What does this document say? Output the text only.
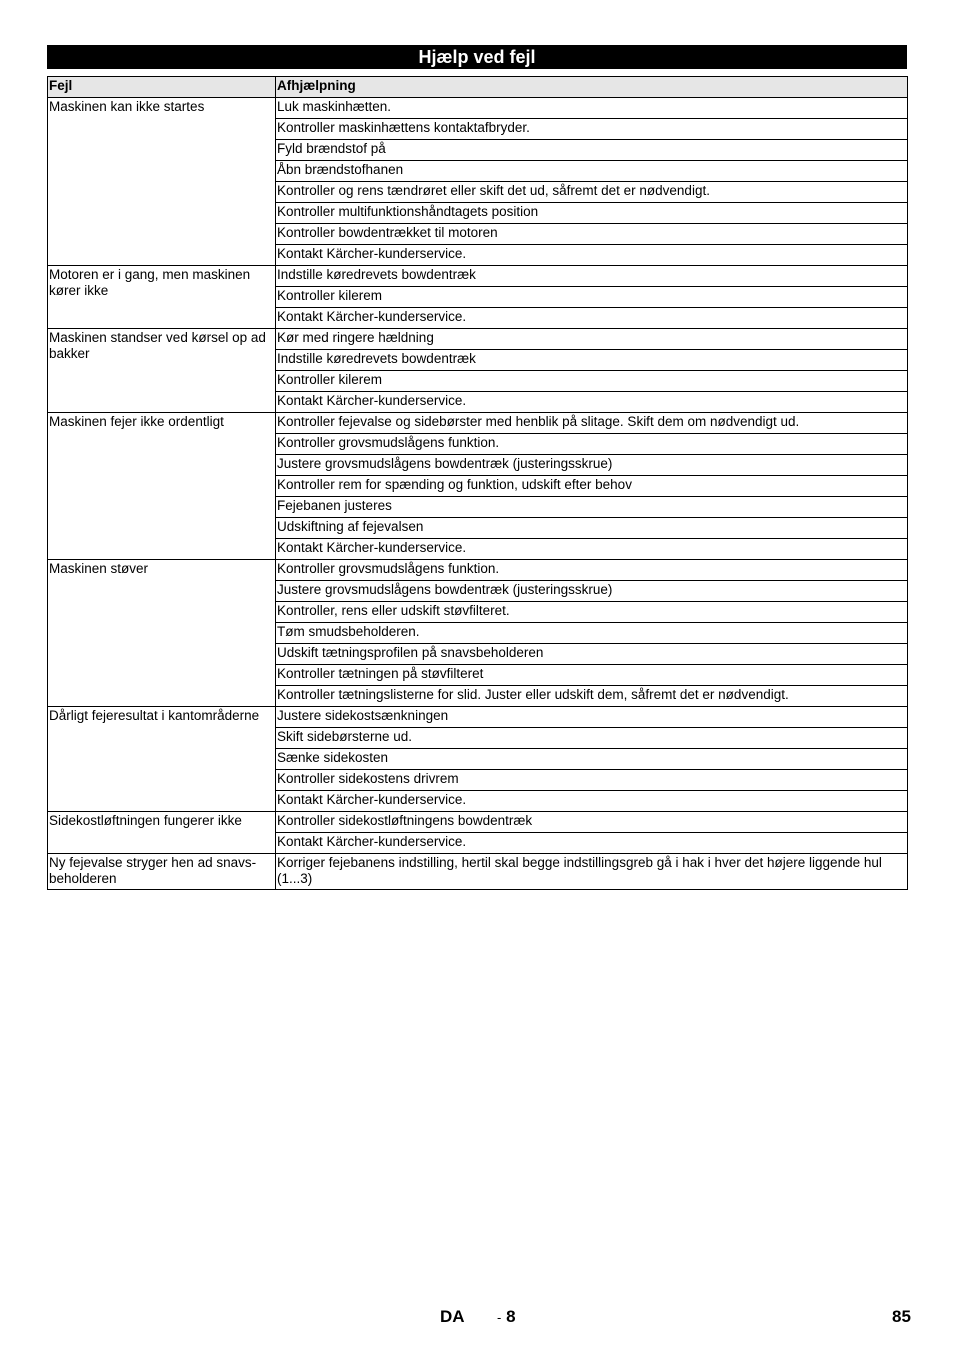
Hjælp ved fejl
Fejl	Afhjælpning
Maskinen kan ikke startes	Luk maskinhætten.
	Kontroller maskinhættens kontaktafbryder.
	Fyld brændstof på
	Åbn brændstofhanen
	Kontroller og rens tændrøret eller skift det ud, såfremt det er nødvendigt.
	Kontroller multifunktionshåndtagets position
	Kontroller bowdentrækket til motoren
	Kontakt Kärcher-kunderservice.
Motoren er i gang, men maskinen kører ikke	Indstille køredrevets bowdentræk
	Kontroller kilerem
	Kontakt Kärcher-kunderservice.
Maskinen standser ved kørsel op ad bakker	Kør med ringere hældning
	Indstille køredrevets bowdentræk
	Kontroller kilerem
	Kontakt Kärcher-kunderservice.
Maskinen fejer ikke ordentligt	Kontroller fejevalse og sidebørster med henblik på slitage. Skift dem om nødvendigt ud.
	Kontroller grovsmudslågens funktion.
	Justere grovsmudslågens bowdentræk (justeringsskrue)
	Kontroller rem for spænding og funktion, udskift efter behov
	Fejebanen justeres
	Udskiftning af fejevalsen
	Kontakt Kärcher-kunderservice.
Maskinen støver	Kontroller grovsmudslågens funktion.
	Justere grovsmudslågens bowdentræk (justeringsskrue)
	Kontroller, rens eller udskift støvfilteret.
	Tøm smudsbeholderen.
	Udskift tætningsprofilen på snavsbeholderen
	Kontroller tætningen på støvfilteret
	Kontroller tætningslisterne for slid. Juster eller udskift dem, såfremt det er nødvendigt.
Dårligt fejeresultat i kantområderne	Justere sidekostsænkningen
	Skift sidebørsterne ud.
	Sænke sidekosten
	Kontroller sidekostens drivrem
	Kontakt Kärcher-kunderservice.
Sidekostløftningen fungerer ikke	Kontroller sidekostløftningens bowdentræk
	Kontakt Kärcher-kunderservice.
Ny fejevalse stryger hen ad snavs-beholderen	Korriger fejebanens indstilling, hertil skal begge indstillingsgreb gå i hak i hver det højere liggende hul (1...3)
DA - 8	85
